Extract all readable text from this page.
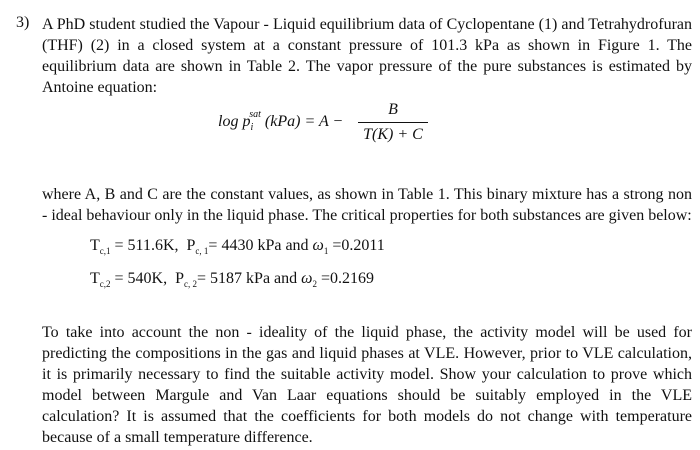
3) A PhD student studied the Vapour - Liquid equilibrium data of Cyclopentane (1) and Tetrahydrofuran (THF) (2) in a closed system at a constant pressure of 101.3 kPa as shown in Figure 1. The equilibrium data are shown in Table 2. The vapor pressure of the pure substances is estimated by Antoine equation:
$\log p_i^{sat}$ (kPa) = A −
B
T(K) + C
where A, B and C are the constant values, as shown in Table 1. This binary mixture has a strong non - ideal behaviour only in the liquid phase. The critical properties for both substances are given below:
$T_{c,1} = 511.6K$, $P_{c, 1}= 4430$ kPa and $\omega_1 =0.2011$
$T_{c,2} = 540K$, $P_{c, 2}= 5187$ kPa and $\omega_2 =0.2169$
To take into account the non - ideality of the liquid phase, the activity model will be used for predicting the compositions in the gas and liquid phases at VLE. However, prior to VLE calculation, it is primarily necessary to find the suitable activity model. Show your calculation to prove which model between Margule and Van Laar equations should be suitably employed in the VLE calculation? It is assumed that the coefficients for both models do not change with temperature because of a small temperature difference.
